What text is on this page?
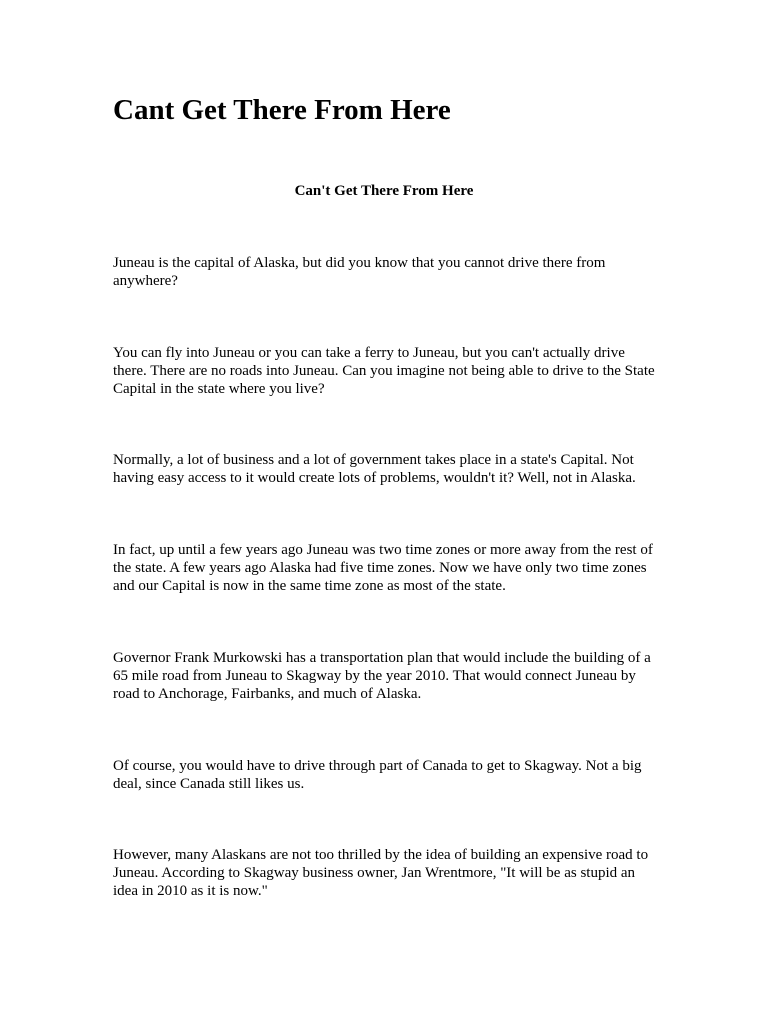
Cant Get There From Here

Can't Get There From Here

Juneau is the capital of Alaska, but did you know that you cannot drive there from anywhere?

You can fly into Juneau or you can take a ferry to Juneau, but you can't actually drive there. There are no roads into Juneau. Can you imagine not being able to drive to the State Capital in the state where you live?

Normally, a lot of business and a lot of government takes place in a state's Capital. Not having easy access to it would create lots of problems, wouldn't it? Well, not in Alaska.

In fact, up until a few years ago Juneau was two time zones or more away from the rest of the state. A few years ago Alaska had five time zones. Now we have only two time zones and our Capital is now in the same time zone as most of the state.

Governor Frank Murkowski has a transportation plan that would include the building of a 65 mile road from Juneau to Skagway by the year 2010. That would connect Juneau by road to Anchorage, Fairbanks, and much of Alaska.

Of course, you would have to drive through part of Canada to get to Skagway. Not a big deal, since Canada still likes us.

However, many Alaskans are not too thrilled by the idea of building an expensive road to Juneau. According to Skagway business owner, Jan Wrentmore, "It will be as stupid an idea in 2010 as it is now."
